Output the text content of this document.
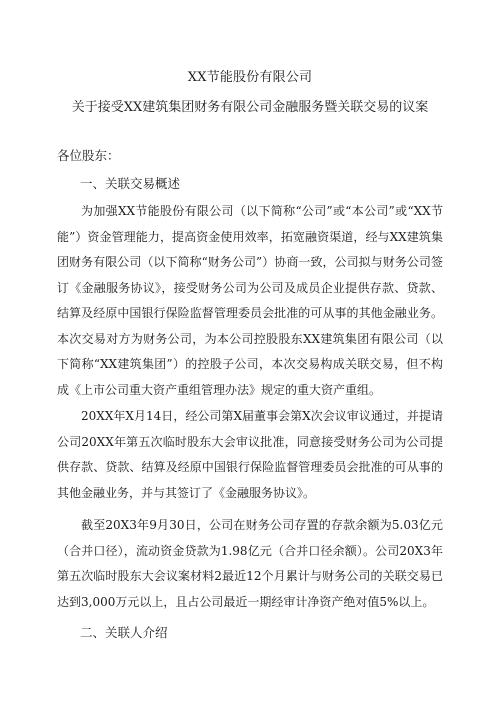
XX节能股份有限公司
关于接受XX建筑集团财务有限公司金融服务暨关联交易的议案
各位股东：
一、关联交易概述

为加强XX节能股份有限公司（以下简称“公司”或“本公司”或“XX节能”）资金管理能力，提高资金使用效率，拓宽融资渠道，经与XX建筑集团财务有限公司（以下简称“财务公司”）协商一致，公司拟与财务公司签订《金融服务协议》，接受财务公司为公司及成员企业提供存款、贷款、结算及经原中国银行保险监督管理委员会批准的可从事的其他金融业务。本次交易对方为财务公司，为本公司控股股东XX建筑集团有限公司（以下简称“XX建筑集团”）的控股子公司，本次交易构成关联交易，但不构成《上市公司重大资产重组管理办法》规定的重大资产重组。

20XX年X月14日，经公司第X届董事会第X次会议审议通过，并提请公司20XX年第五次临时股东大会审议批准，同意接受财务公司为公司提供存款、贷款、结算及经原中国银行保险监督管理委员会批准的可从事的其他金融业务，并与其签订了《金融服务协议》。

截至20X3年9月30日，公司在财务公司存置的存款余额为5.03亿元（合并口径），流动资金贷款为1.98亿元（合并口径余额）。公司20X3年第五次临时股东大会议案材料2最近12个月累计与财务公司的关联交易已达到3,000万元以上，且占公司最近一期经审计净资产绝对值5%以上。

二、关联人介绍
